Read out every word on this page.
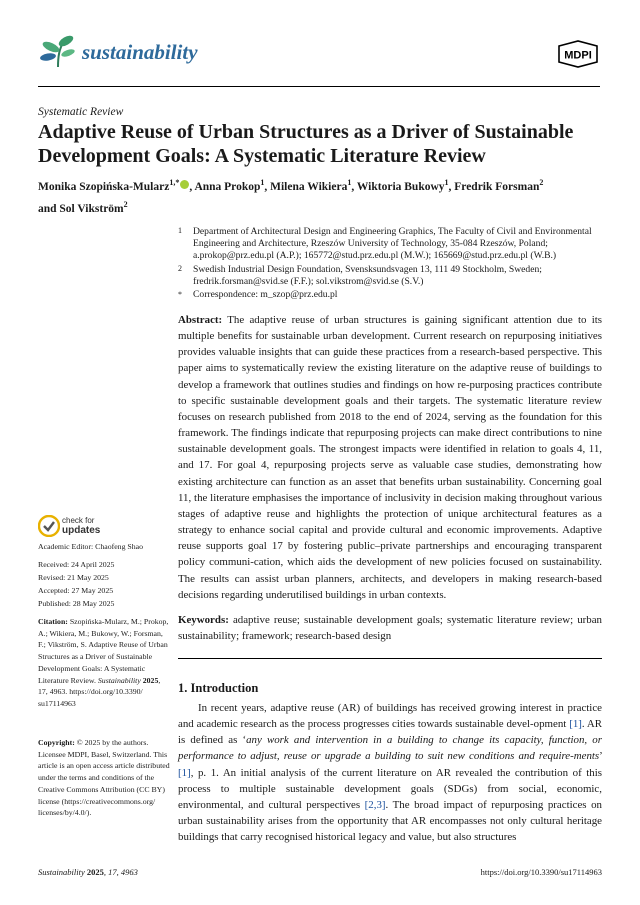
sustainability	MDPI
Systematic Review
Adaptive Reuse of Urban Structures as a Driver of Sustainable Development Goals: A Systematic Literature Review
Monika Szopińska-Mularz$^{1,*}$ , Anna Prokop$^1$, Milena Wikiera$^1$, Wiktoria Bukowy$^1$, Fredrik Forsman$^2$
and Sol Vikström$^2$
1 Department of Architectural Design and Engineering Graphics, The Faculty of Civil and Environmental Engineering and Architecture, Rzeszów University of Technology, 35-084 Rzeszów, Poland; a.prokop@prz.edu.pl (A.P.); 165772@stud.prz.edu.pl (M.W.); 165669@stud.prz.edu.pl (W.B.)
2 Swedish Industrial Design Foundation, Svensksundsvagen 13, 111 49 Stockholm, Sweden; fredrik.forsman@svid.se (F.F.); sol.vikstrom@svid.se (S.V.)
* Correspondence: m_szop@prz.edu.pl
Abstract: The adaptive reuse of urban structures is gaining significant attention due to its multiple benefits for sustainable urban development. Current research on repurposing initiatives provides valuable insights that can guide these practices from a research-based perspective. This paper aims to systematically review the existing literature on the adaptive reuse of buildings to develop a framework that outlines studies and findings on how re-purposing practices contribute to specific sustainable development goals and their targets. The systematic literature review focuses on research published from 2018 to the end of 2024, serving as the foundation for this framework. The findings indicate that repurposing projects can make direct contributions to nine sustainable development goals. The strongest impacts were identified in relation to goals 4, 11, and 17. For goal 4, repurposing projects serve as valuable case studies, demonstrating how existing architecture can function as an asset that benefits urban sustainability. Concerning goal 11, the literature emphasises the importance of inclusivity in decision making throughout various stages of adaptive reuse and highlights the protection of unique architectural features as a strategy to enhance social capital and provide cultural and economic improvements. Adaptive reuse supports goal 17 by fostering public–private partnerships and encouraging transparent policy communi-cation, which aids the development of new policies focused on sustainability. The results can assist urban planners, architects, and developers in making research-based decisions regarding underutilised buildings in urban contexts.
Keywords: adaptive reuse; sustainable development goals; systematic literature review; urban sustainability; framework; research-based design
1. Introduction
In recent years, adaptive reuse (AR) of buildings has received growing interest in practice and academic research as the process progresses cities towards sustainable devel-opment [1]. AR is defined as ‘any work and intervention in a building to change its capacity, function, or performance to adjust, reuse or upgrade a building to suit new conditions and require-ments’ [1], p. 1. An initial analysis of the current literature on AR revealed the contribution of this process to multiple sustainable development goals (SDGs) from social, economic, environmental, and cultural perspectives [2,3]. The broad impact of repurposing practices on urban sustainability arises from the opportunity that AR encompasses not only cultural heritage buildings that carry recognised historical legacy and value, but also structures
check for
updates
Academic Editor: Chaofeng Shao
Received: 24 April 2025
Revised: 21 May 2025
Accepted: 27 May 2025
Published: 28 May 2025
Citation: Szopińska-Mularz, M.; Prokop, A.; Wikiera, M.; Bukowy, W.; Forsman, F.; Vikström, S. Adaptive Reuse of Urban Structures as a Driver of Sustainable Development Goals: A Systematic Literature Review. Sustainability 2025, 17, 4963. https://doi.org/10.3390/ su17114963
Copyright: © 2025 by the authors. Licensee MDPI, Basel, Switzerland. This article is an open access article distributed under the terms and conditions of the Creative Commons Attribution (CC BY) license (https://creativecommons.org/ licenses/by/4.0/).
Sustainability 2025, 17, 4963	https://doi.org/10.3390/su17114963
